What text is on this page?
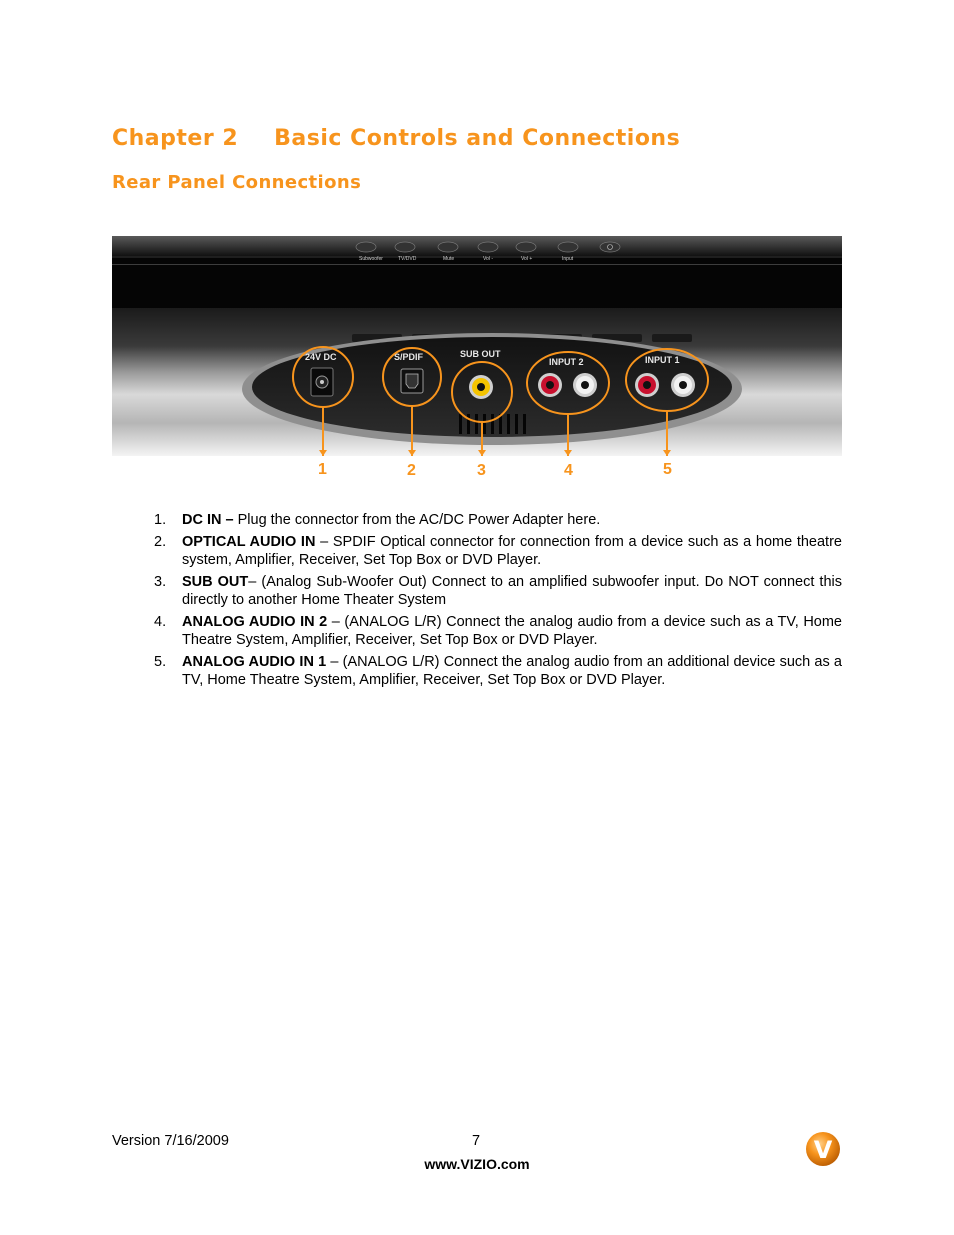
Chapter 2 Basic Controls and Connections
Rear Panel Connections
Subwoofer	TV/DVD	Mute	Vol -	Vol +	Input
24V DC	S/PDIF	SUB OUT
INPUT 2	INPUT 1
1	2	3	4	5
1. DC IN – Plug the connector from the AC/DC Power Adapter here.
2. OPTICAL AUDIO IN – SPDIF Optical connector for connection from a device such as a home theatre system, Amplifier, Receiver, Set Top Box or DVD Player.
3. SUB OUT– (Analog Sub-Woofer Out) Connect to an amplified subwoofer input. Do NOT connect this directly to another Home Theater System
4. ANALOG AUDIO IN 2 – (ANALOG L/R) Connect the analog audio from a device such as a TV, Home Theatre System, Amplifier, Receiver, Set Top Box or DVD Player.
5. ANALOG AUDIO IN 1 – (ANALOG L/R) Connect the analog audio from an additional device such as a TV, Home Theatre System, Amplifier, Receiver, Set Top Box or DVD Player.
Version 7/16/2009	7
www.VIZIO.com	V
